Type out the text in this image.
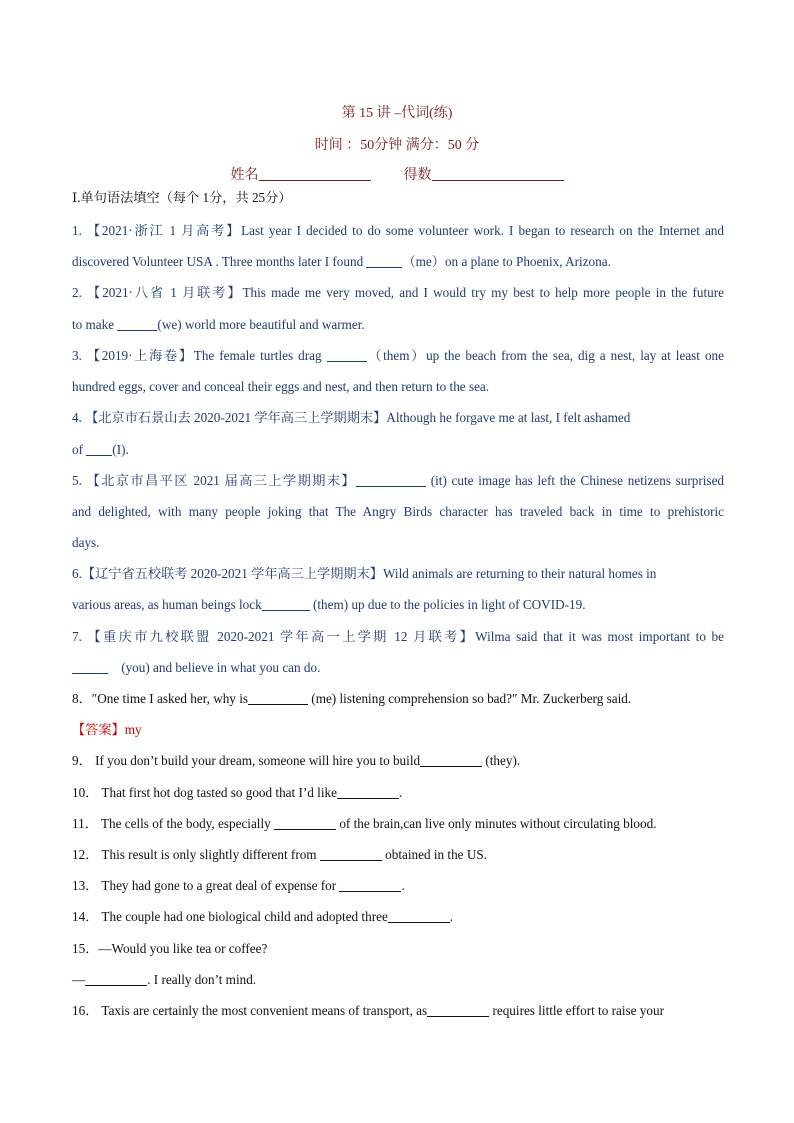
第 15 讲 –代词(练)
时间 ：50分钟 满分：50 分
姓名	得数
Ⅰ.单句语法填空（每个 1分，共 25分）
1. 【2021·浙江 1 月高考】Last year I decided to do some volunteer work. I began to research on the Internet and
discovered Volunteer USA . Three months later I found	（me）on a plane to Phoenix, Arizona.
2. 【2021·八省 1 月联考】This made me very moved, and I would try my best to help more people in the future
to make	(we) world more beautiful and warmer.
3. 【2019·上海卷】The female turtles drag	（them）up the beach from the sea, dig a nest, lay at least one
hundred eggs, cover and conceal their eggs and nest, and then return to the sea.
4. 【北京市石景山去 2020-2021 学年高三上学期期末】Although he forgave me at last, I felt ashamed
of (I).
5. 【北京市昌平区 2021 届高三上学期期末】	(it) cute image has left the Chinese netizens surprised
and delighted, with many people joking that The Angry Birds character has traveled back in time to prehistoric
days.
6.【辽宁省五校联考 2020-2021 学年高三上学期期末】Wild animals are returning to their natural homes in
various areas, as human beings lock	(them) up due to the policies in light of COVID-19.
7. 【重庆市九校联盟 2020-2021 学年高一上学期 12 月联考】Wilma said that it was most important to be
(you) and believe in what you can do.
8．″One time I asked her, why is	(me) listening comprehension so bad?″ Mr. Zuckerberg said.
【答案】my
9． If you don’t build your dream, someone will hire you to build	(they).
10． That first hot dog tasted so good that I’d like	.
11． The cells of the body, especially	of the brain,can live only minutes without circulating blood.
12． This result is only slightly different from	obtained in the US.
13． They had gone to a great deal of expense for	.
14． The couple had one biological child and adopted three	.
15．—Would you like tea or coffee?
—	. I really don’t mind.
16． Taxis are certainly the most convenient means of transport, as	requires little effort to raise your
